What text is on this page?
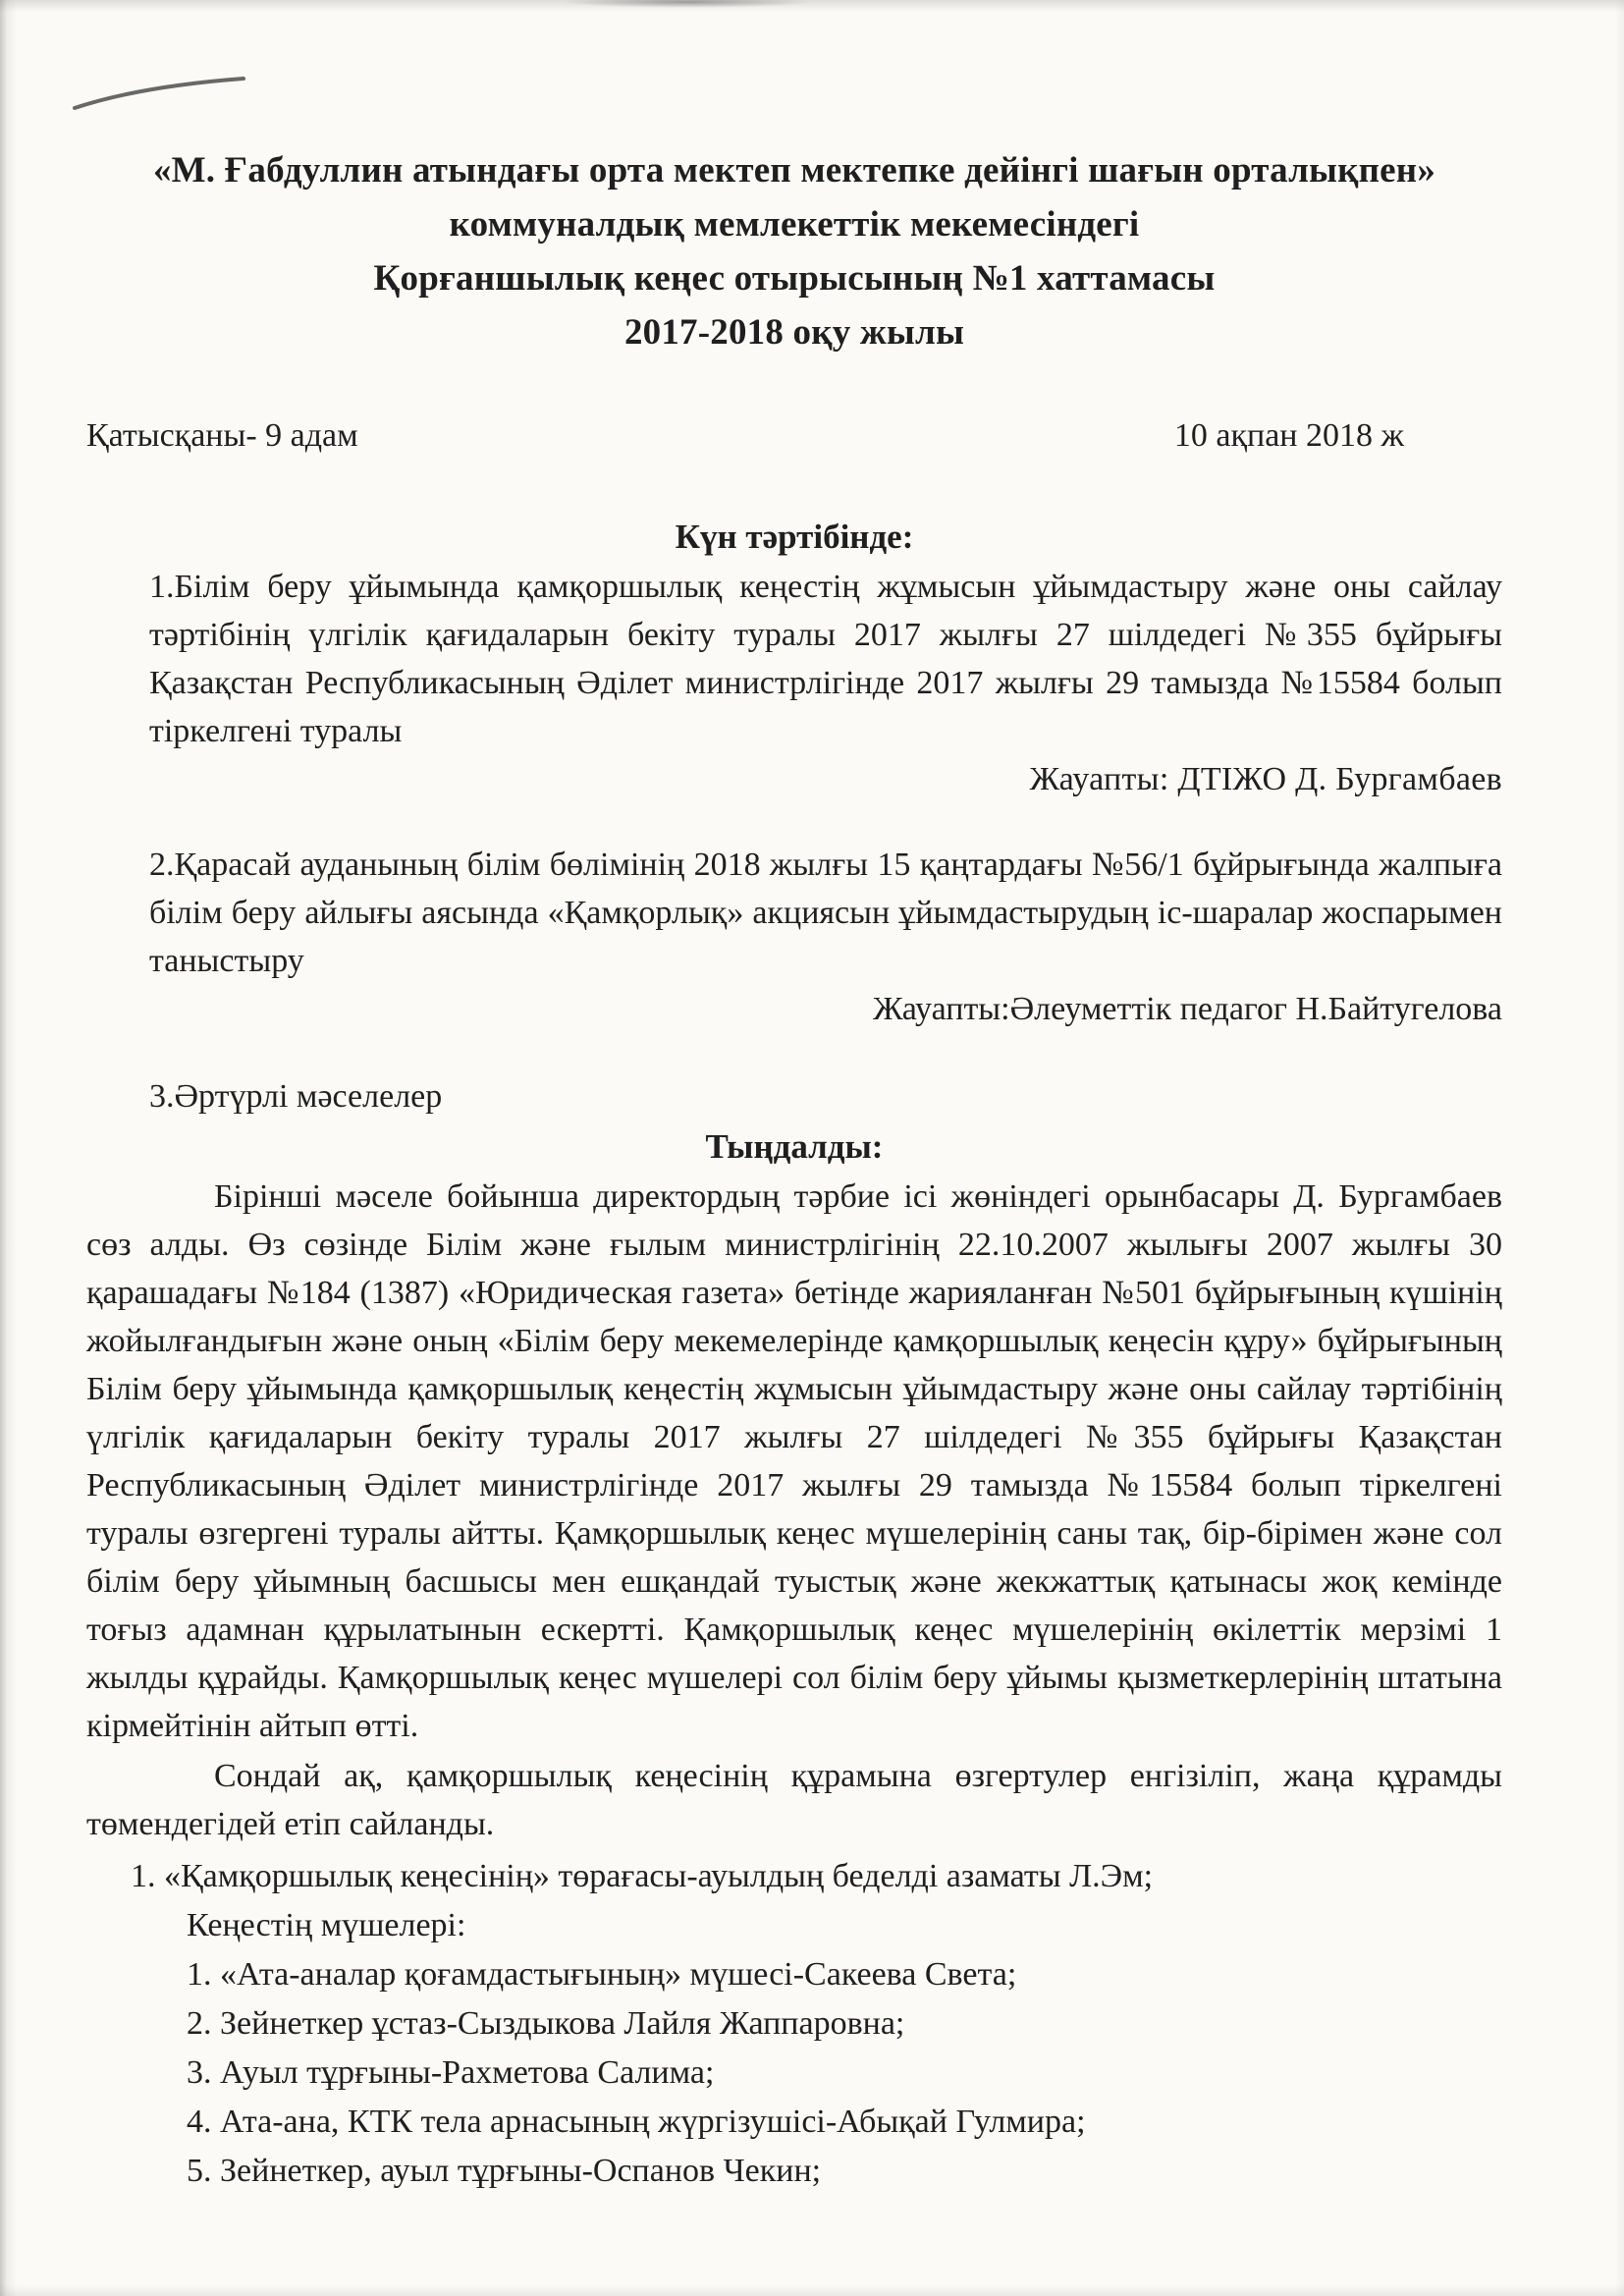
«М. Ғабдуллин атындағы орта мектеп мектепке дейінгі шағын орталықпен»
коммуналдық мемлекеттік мекемесіндегі
Қорғаншылық кеңес отырысының №1 хаттамасы
2017-2018 оқу жылы
Қатысқаны- 9 адам	10 ақпан 2018 ж
Күн тәртібінде:

1.Білім беру ұйымында қамқоршылық кеңестің жұмысын ұйымдастыру және оны сайлау тәртібінің үлгілік қағидаларын бекіту туралы 2017 жылғы 27 шілдедегі №355 бұйрығы Қазақстан Республикасының Әділет министрлігінде 2017 жылғы 29 тамызда №15584 болып тіркелгені туралы

Жауапты: ДТІЖО Д. Бургамбаев

2.Қарасай ауданының білім бөлімінің 2018 жылғы 15 қаңтардағы №56/1 бұйрығында жалпыға білім беру айлығы аясында «Қамқорлық» акциясын ұйымдастырудың іс-шаралар жоспарымен таныстыру

Жауапты:Әлеуметтік педагог Н.Байтугелова

3.Әртүрлі мәселелер

Тыңдалды:

Бірінші мәселе бойынша директордың тәрбие ісі жөніндегі орынбасары Д. Бургамбаев сөз алды. Өз сөзінде Білім және ғылым министрлігінің 22.10.2007 жылығы 2007 жылғы 30 қарашадағы №184 (1387) «Юридическая газета» бетінде жарияланған №501 бұйрығының күшінің жойылғандығын және оның «Білім беру мекемелерінде қамқоршылық кеңесін құру» бұйрығының Білім беру ұйымында қамқоршылық кеңестің жұмысын ұйымдастыру және оны сайлау тәртібінің үлгілік қағидаларын бекіту туралы 2017 жылғы 27 шілдедегі №355 бұйрығы Қазақстан Республикасының Әділет министрлігінде 2017 жылғы 29 тамызда №15584 болып тіркелгені туралы өзгергені туралы айтты. Қамқоршылық кеңес мүшелерінің саны тақ, бір-бірімен және сол білім беру ұйымның басшысы мен ешқандай туыстық және жекжаттық қатынасы жоқ кемінде тоғыз адамнан құрылатынын ескертті. Қамқоршылық кеңес мүшелерінің өкілеттік мерзімі 1 жылды құрайды. Қамқоршылық кеңес мүшелері сол білім беру ұйымы қызметкерлерінің штатына кірмейтінін айтып өтті.

Сондай ақ, қамқоршылық кеңесінің құрамына өзгертулер енгізіліп, жаңа құрамды төмендегідей етіп сайланды.

1. «Қамқоршылық кеңесінің» төрағасы-ауылдың беделді азаматы Л.Эм;
Кеңестің мүшелері:
1. «Ата-аналар қоғамдастығының» мүшесі-Сакеева Света;
2. Зейнеткер ұстаз-Сыздыкова Лайля Жаппаровна;
3. Ауыл тұрғыны-Рахметова Салима;
4. Ата-ана, КТК тела арнасының жүргізушісі-Абықай Гулмира;
5. Зейнеткер, ауыл тұрғыны-Оспанов Чекин;
